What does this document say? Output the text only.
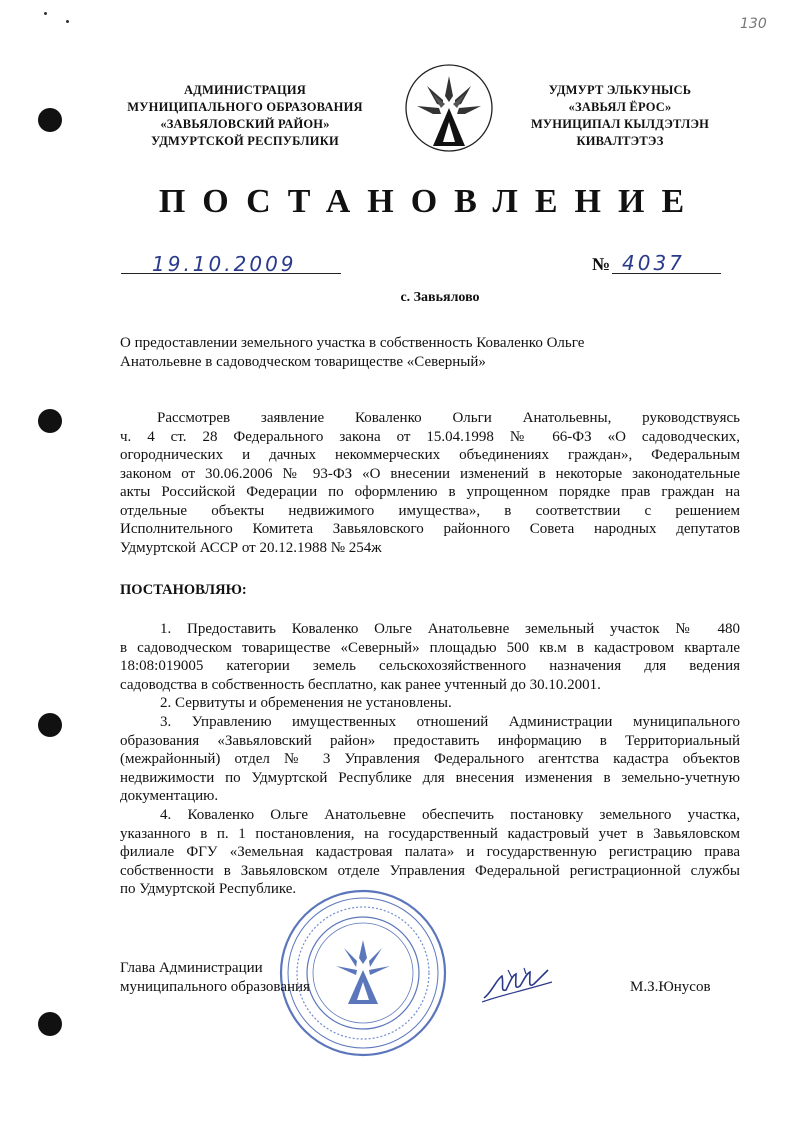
130
АДМИНИСТРАЦИЯ
МУНИЦИПАЛЬНОГО ОБРАЗОВАНИЯ
«ЗАВЬЯЛОВСКИЙ РАЙОН»
УДМУРТСКОЙ РЕСПУБЛИКИ
УДМУРТ ЭЛЬКУНЫСЬ
«ЗАВЬЯЛ ЁРОС»
МУНИЦИПАЛ КЫЛДЭТЛЭН
КИВАЛТЭТЭЗ
ПОСТАНОВЛЕНИЕ
19.10.2009	№ 4037
с. Завьялово
О предоставлении земельного участка в собственность Коваленко Ольге
Анатольевне в садоводческом товариществе «Северный»
Рассмотрев заявление Коваленко Ольги Анатольевны, руководствуясь
ч. 4 ст. 28 Федерального закона от 15.04.1998 № 66-ФЗ «О садоводческих,
огороднических и дачных некоммерческих объединениях граждан», Федеральным
законом от 30.06.2006 № 93-ФЗ «О внесении изменений в некоторые законодательные
акты Российской Федерации по оформлению в упрощенном порядке прав граждан на
отдельные объекты недвижимого имущества», в соответствии с решением
Исполнительного Комитета Завьяловского районного Совета народных депутатов
Удмуртской АССР от 20.12.1988 № 254ж
ПОСТАНОВЛЯЮ:
1. Предоставить Коваленко Ольге Анатольевне земельный участок № 480
в садоводческом товариществе «Северный» площадью 500 кв.м в кадастровом квартале
18:08:019005 категории земель сельскохозяйственного назначения для ведения
садоводства в собственность бесплатно, как ранее учтенный до 30.10.2001.
2. Сервитуты и обременения не установлены.
3. Управлению имущественных отношений Администрации муниципального
образования «Завьяловский район» предоставить информацию в Территориальный
(межрайонный) отдел № 3 Управления Федерального агентства кадастра объектов
недвижимости по Удмуртской Республике для внесения изменения в земельно-учетную
документацию.
4. Коваленко Ольге Анатольевне обеспечить постановку земельного участка,
указанного в п. 1 постановления, на государственный кадастровый учет в Завьяловском
филиале ФГУ «Земельная кадастровая палата» и государственную регистрацию права
собственности в Завьяловском отделе Управления Федеральной регистрационной службы
по Удмуртской Республике.
Глава Администрации
муниципального образования	М.З.Юнусов
